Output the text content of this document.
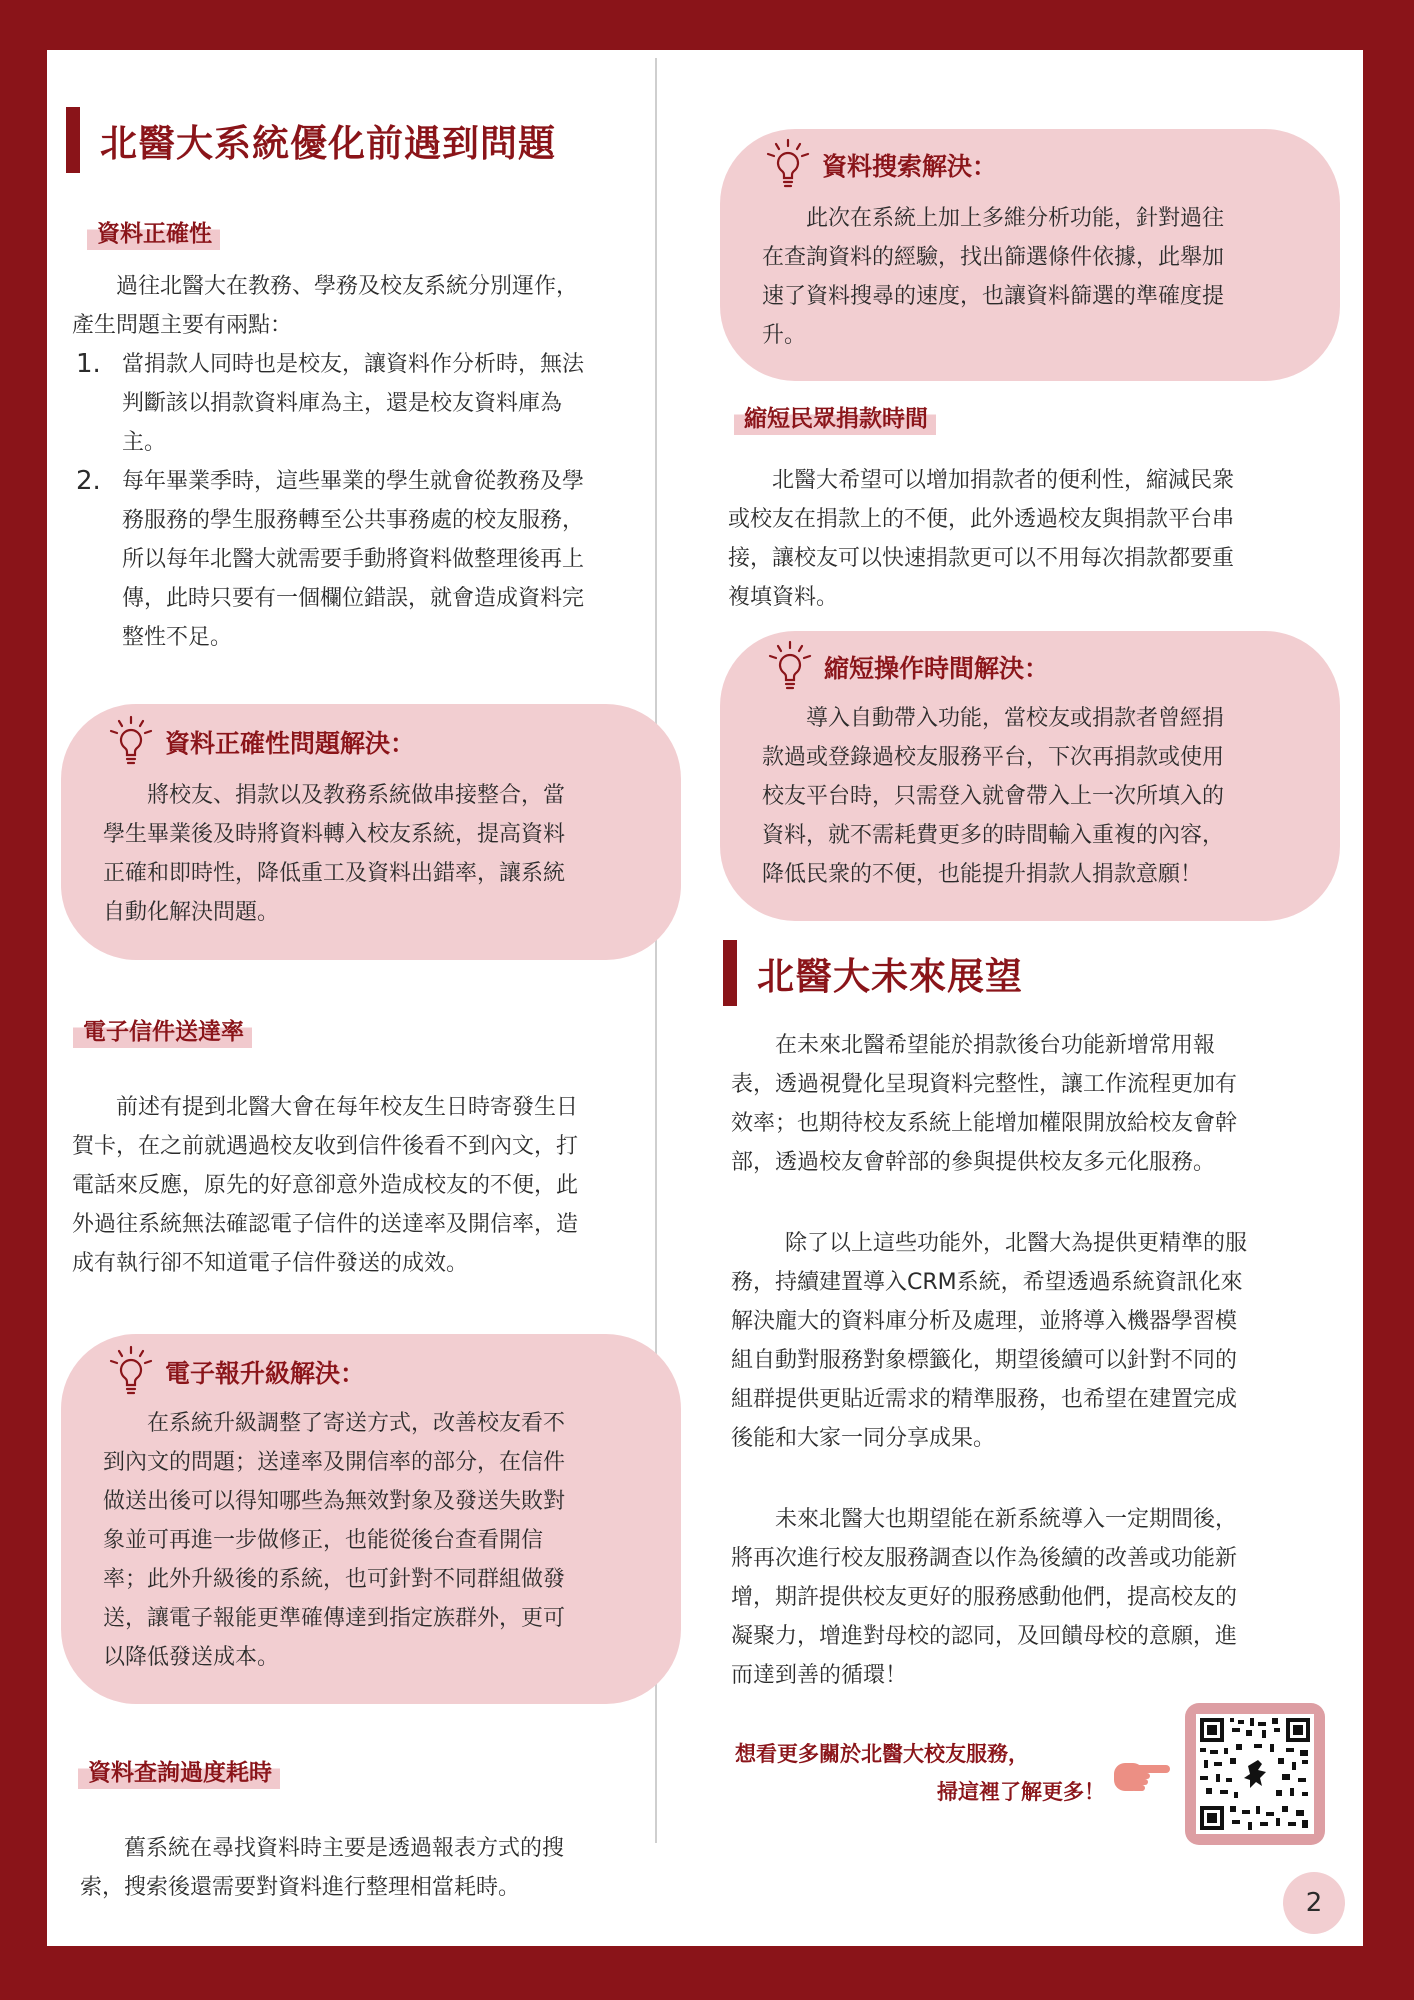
北醫大系統優化前遇到問題
資料正確性
過往北醫大在教務、學務及校友系統分別運作，
產生問題主要有兩點：
1. 當捐款人同時也是校友，讓資料作分析時，無法
判斷該以捐款資料庫為主，還是校友資料庫為
主。
2. 每年畢業季時，這些畢業的學生就會從教務及學
務服務的學生服務轉至公共事務處的校友服務，
所以每年北醫大就需要手動將資料做整理後再上
傳，此時只要有一個欄位錯誤，就會造成資料完
整性不足。
資料正確性問題解決：
將校友、捐款以及教務系統做串接整合，當
學生畢業後及時將資料轉入校友系統，提高資料
正確和即時性，降低重工及資料出錯率，讓系統
自動化解決問題。
電子信件送達率
前述有提到北醫大會在每年校友生日時寄發生日
賀卡，在之前就遇過校友收到信件後看不到內文，打
電話來反應，原先的好意卻意外造成校友的不便，此
外過往系統無法確認電子信件的送達率及開信率，造
成有執行卻不知道電子信件發送的成效。
電子報升級解決：
在系統升級調整了寄送方式，改善校友看不
到內文的問題；送達率及開信率的部分，在信件
做送出後可以得知哪些為無效對象及發送失敗對
象並可再進一步做修正，也能從後台查看開信
率；此外升級後的系統，也可針對不同群組做發
送，讓電子報能更準確傳達到指定族群外，更可
以降低發送成本。
資料查詢過度耗時
舊系統在尋找資料時主要是透過報表方式的搜
索，搜索後還需要對資料進行整理相當耗時。
資料搜索解決：
此次在系統上加上多維分析功能，針對過往
在查詢資料的經驗，找出篩選條件依據，此舉加
速了資料搜尋的速度，也讓資料篩選的準確度提
升。
縮短民眾捐款時間
北醫大希望可以增加捐款者的便利性，縮減民衆
或校友在捐款上的不便，此外透過校友與捐款平台串
接，讓校友可以快速捐款更可以不用每次捐款都要重
複填資料。
縮短操作時間解決：
導入自動帶入功能，當校友或捐款者曾經捐
款過或登錄過校友服務平台，下次再捐款或使用
校友平台時，只需登入就會帶入上一次所填入的
資料，就不需耗費更多的時間輸入重複的內容，
降低民衆的不便，也能提升捐款人捐款意願！
北醫大未來展望
在未來北醫希望能於捐款後台功能新增常用報
表，透過視覺化呈現資料完整性，讓工作流程更加有
效率；也期待校友系統上能增加權限開放給校友會幹
部，透過校友會幹部的參與提供校友多元化服務。
除了以上這些功能外，北醫大為提供更精準的服
務，持續建置導入CRM系統，希望透過系統資訊化來
解決龐大的資料庫分析及處理，並將導入機器學習模
組自動對服務對象標籤化，期望後續可以針對不同的
組群提供更貼近需求的精準服務，也希望在建置完成
後能和大家一同分享成果。
未來北醫大也期望能在新系統導入一定期間後，
將再次進行校友服務調查以作為後續的改善或功能新
增，期許提供校友更好的服務感動他們，提高校友的
凝聚力，增進對母校的認同，及回饋母校的意願，進
而達到善的循環！
想看更多關於北醫大校友服務，
掃這裡了解更多！
2
